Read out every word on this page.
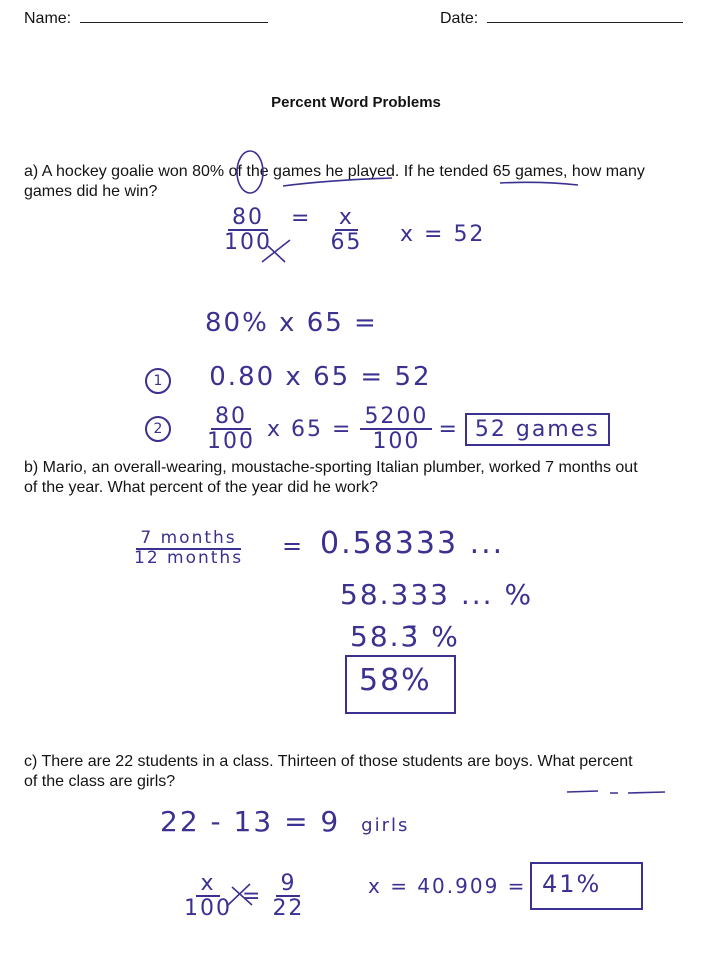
Name:	Date:
Percent Word Problems
a) A hockey goalie won 80% of the games he played. If he tended 65 games, how many
games did he win?
$\frac{80}{100} = \frac{x}{65}$ x = 52
80% x 65 =
1 0.80 x 65 = 52
2	$\frac{80}{100}$ x $65 = \frac{5200}{100} = 52$ games
b) Mario, an overall-wearing, moustache-sporting Italian plumber, worked 7 months out
of the year. What percent of the year did he work?
$\frac{\text{7 months}}{\text{12 months}} = 0.58333$ ...
58.333 ... %
58.3̄ %
58%
c) There are 22 students in a class. Thirteen of those students are boys. What percent
of the class are girls?
22 - 13 = 9 girls
$\frac{x}{100} = \frac{9}{22}$	x = 40.909 = 41%
